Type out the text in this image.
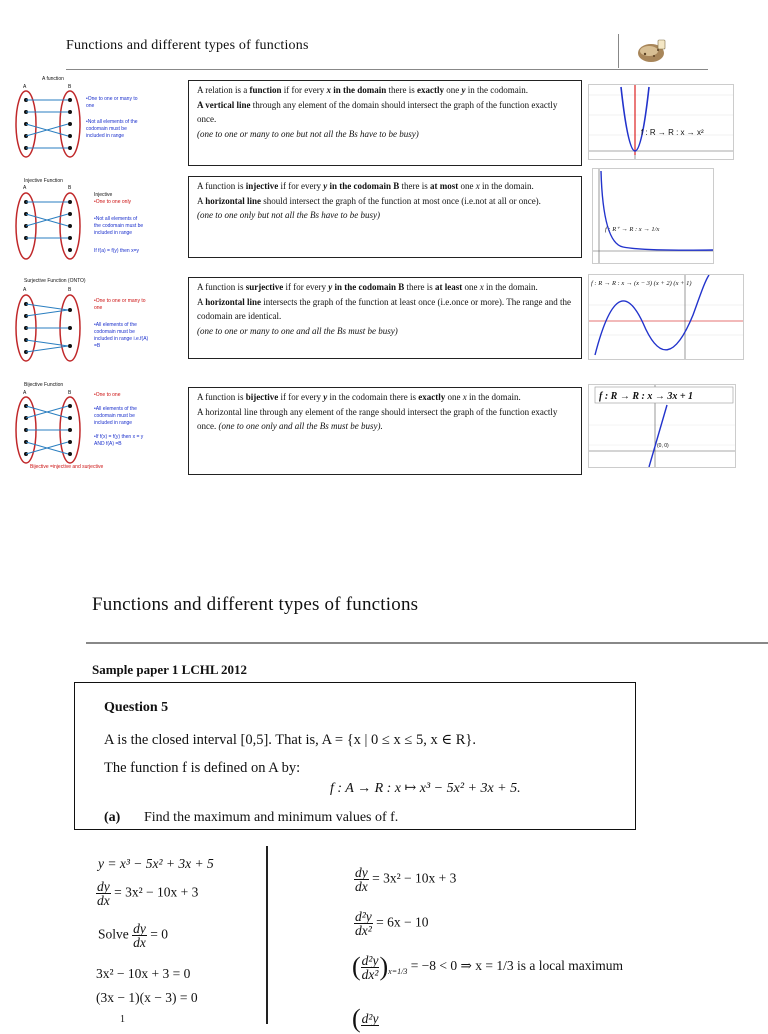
Functions and different types of functions
A function
A	B
•One to one or many to one
•Not all elements of the codomain must be included in range

A relation is a function if for every x in the domain there is exactly one y in the codomain.
A vertical line through any element of the domain should intersect the graph of the function exactly once.
(one to one or many to one but not all the Bs have to be busy)	f : R → R : x → x²
Injective Function
A	B
Injective
•One to one only
•Not all elements of the codomain must be included in range
If f(a) = f(y) then x=y

A function is injective if for every y in the codomain B there is at most one x in the domain.
A horizontal line should intersect the graph of the function at most once (i.e.not at all or once).
(one to one only but not all the Bs have to be busy)

f : R⁺ → R : x → 1/x
Surjective Function (ONTO)
A	B
•One to one or many to one
•All elements of the codomain must be included in range i.e.f(A) =B

A function is surjective if for every y in the codomain B there is at least one x in the domain.
A horizontal line intersects the graph of the function at least once (i.e.once or more). The range and the codomain are identical.
(one to one or many to one and all the Bs must be busy)

f : R → R : x → (x − 3) (x + 2) (x + 1)
Bijective Function
A	B	•One to one
•All elements of the codomain must be included in range
•If f(x) = f(y) then x = y AND f(A) =B
Bijective =injective and surjective

A function is bijective if for every y in the codomain there is exactly one x in the domain.
A horizontal line through any element of the range should intersect the graph of the function exactly once. (one to one only and all the Bs must be busy).

(0, 0)
f : R → R : x → 3x + 1
Functions and different types of functions
Sample paper 1 LCHL 2012
Question 5
A is the closed interval [0,5]. That is, A = {x | 0 ≤ x ≤ 5, x ∈ R}.
The function f is defined on A by:
f : A → R : x ↦ x³ − 5x² + 3x + 5.
(a) Find the maximum and minimum values of f.
y = x³ − 5x² + 3x + 5
$\frac{dy}{dx} = 3x^2 - 10x + 3$
Solve $\frac{dy}{dx} = 0$
3x² − 10x + 3 = 0
(3x − 1)(x − 3) = 0
1
$\frac{dy}{dx} = 3x^2 - 10x + 3$
$\frac{\text{d²y}}{\text{dx²}} = 6x - 10$
( $\frac{\text{d²y}}{\text{dx²}} )_{x=1/3} = -8 < 0$ ⇒ x = 1/3 is a local maximum
( d²y
